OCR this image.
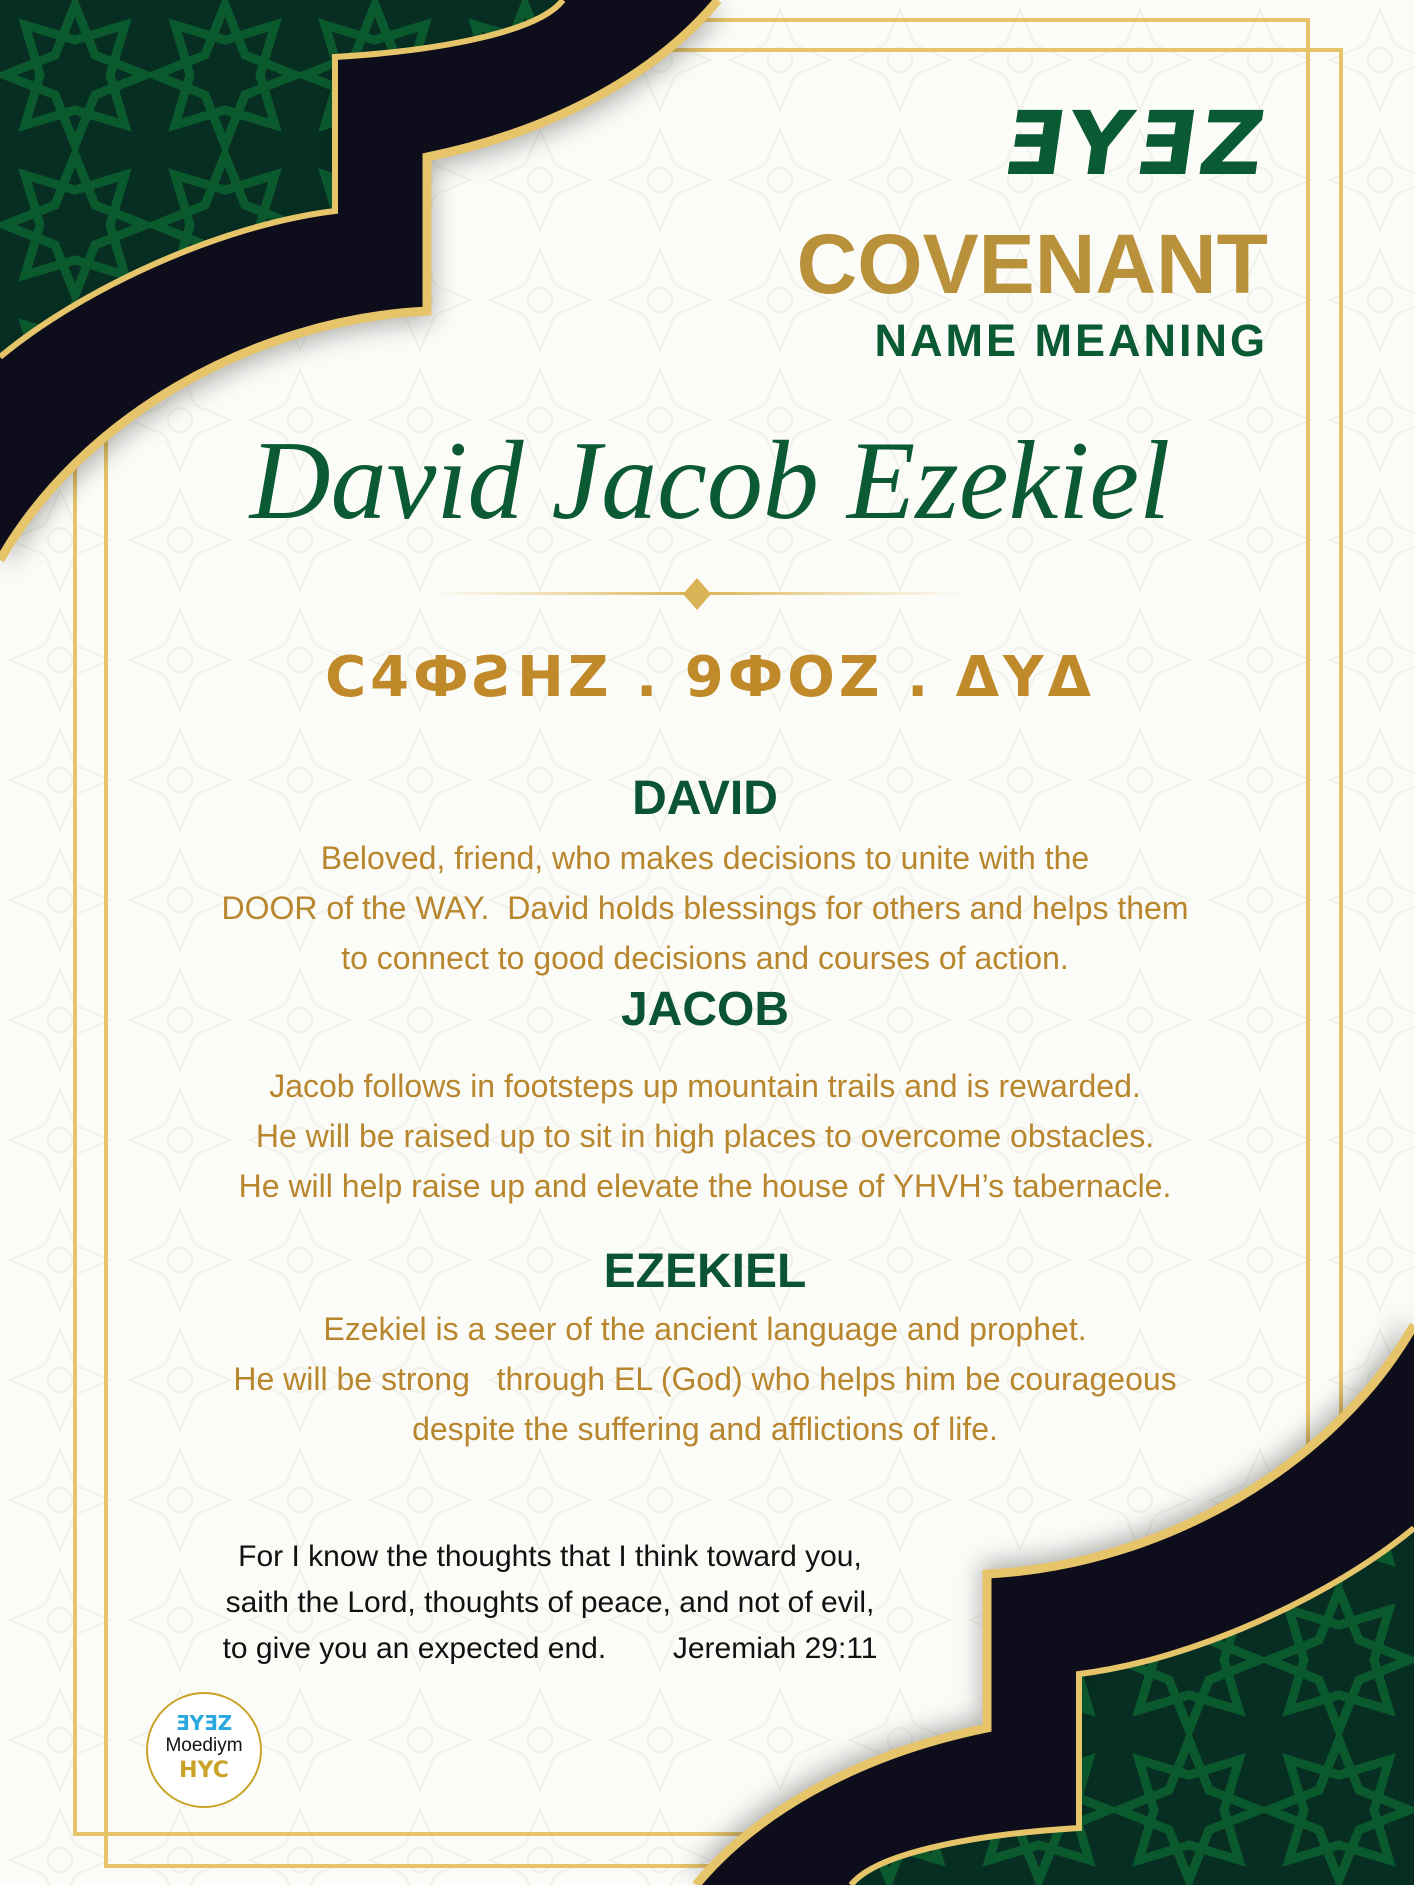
ƎYƎZ
COVENANT
NAME MEANING
David Jacob Ezekiel
C4ФƧHZ . 9ФOZ . ΔYΔ
DAVID
Beloved, friend, who makes decisions to unite with the
DOOR of the WAY.  David holds blessings for others and helps them
to connect to good decisions and courses of action.
JACOB
Jacob follows in footsteps up mountain trails and is rewarded.
He will be raised up to sit in high places to overcome obstacles.
He will help raise up and elevate the house of YHVH’s tabernacle.
EZEKIEL
Ezekiel is a seer of the ancient language and prophet.
He will be strong   through EL (God) who helps him be courageous
despite the suffering and afflictions of life.
For I know the thoughts that I think toward you,
saith the Lord, thoughts of peace, and not of evil,
to give you an expected end.        Jeremiah 29:11
ƎYƎZ
Moediym
HYC
